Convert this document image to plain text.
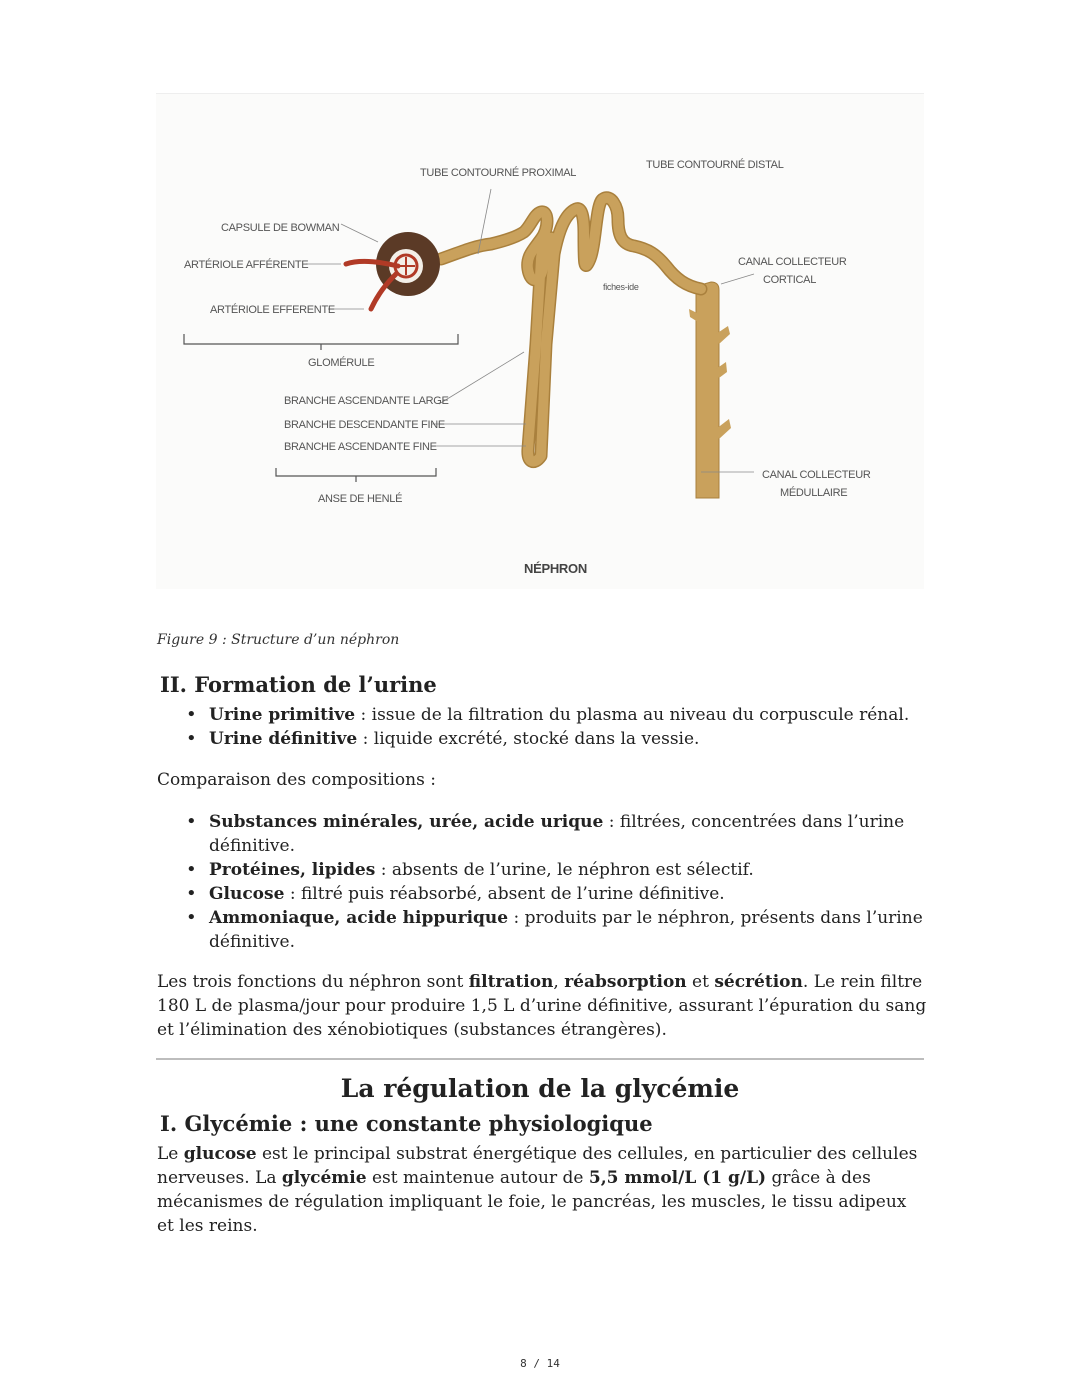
TUBE CONTOURNÉ PROXIMAL
TUBE CONTOURNÉ DISTAL
CAPSULE DE BOWMAN
ARTÉRIOLE AFFÉRENTE
ARTÉRIOLE EFFERENTE
GLOMÉRULE
BRANCHE ASCENDANTE LARGE
BRANCHE DESCENDANTE FINE
BRANCHE ASCENDANTE FINE
ANSE DE HENLÉ
CANAL COLLECTEUR
CORTICAL
CANAL COLLECTEUR
MÉDULLAIRE
fiches-ide
NÉPHRON
Figure 9 : Structure d’un néphron
II. Formation de l’urine
• Urine primitive : issue de la filtration du plasma au niveau du corpuscule rénal.
• Urine définitive : liquide excrété, stocké dans la vessie.
Comparaison des compositions :
• Substances minérales, urée, acide urique : filtrées, concentrées dans l’urine définitive.
• Protéines, lipides : absents de l’urine, le néphron est sélectif.
• Glucose : filtré puis réabsorbé, absent de l’urine définitive.
• Ammoniaque, acide hippurique : produits par le néphron, présents dans l’urine définitive.
Les trois fonctions du néphron sont filtration, réabsorption et sécrétion. Le rein filtre 180 L de plasma/jour pour produire 1,5 L d’urine définitive, assurant l’épuration du sang et l’élimination des xénobiotiques (substances étrangères).
La régulation de la glycémie
I. Glycémie : une constante physiologique
Le glucose est le principal substrat énergétique des cellules, en particulier des cellules nerveuses. La glycémie est maintenue autour de 5,5 mmol/L (1 g/L) grâce à des mécanismes de régulation impliquant le foie, le pancréas, les muscles, le tissu adipeux et les reins.
8 / 14
